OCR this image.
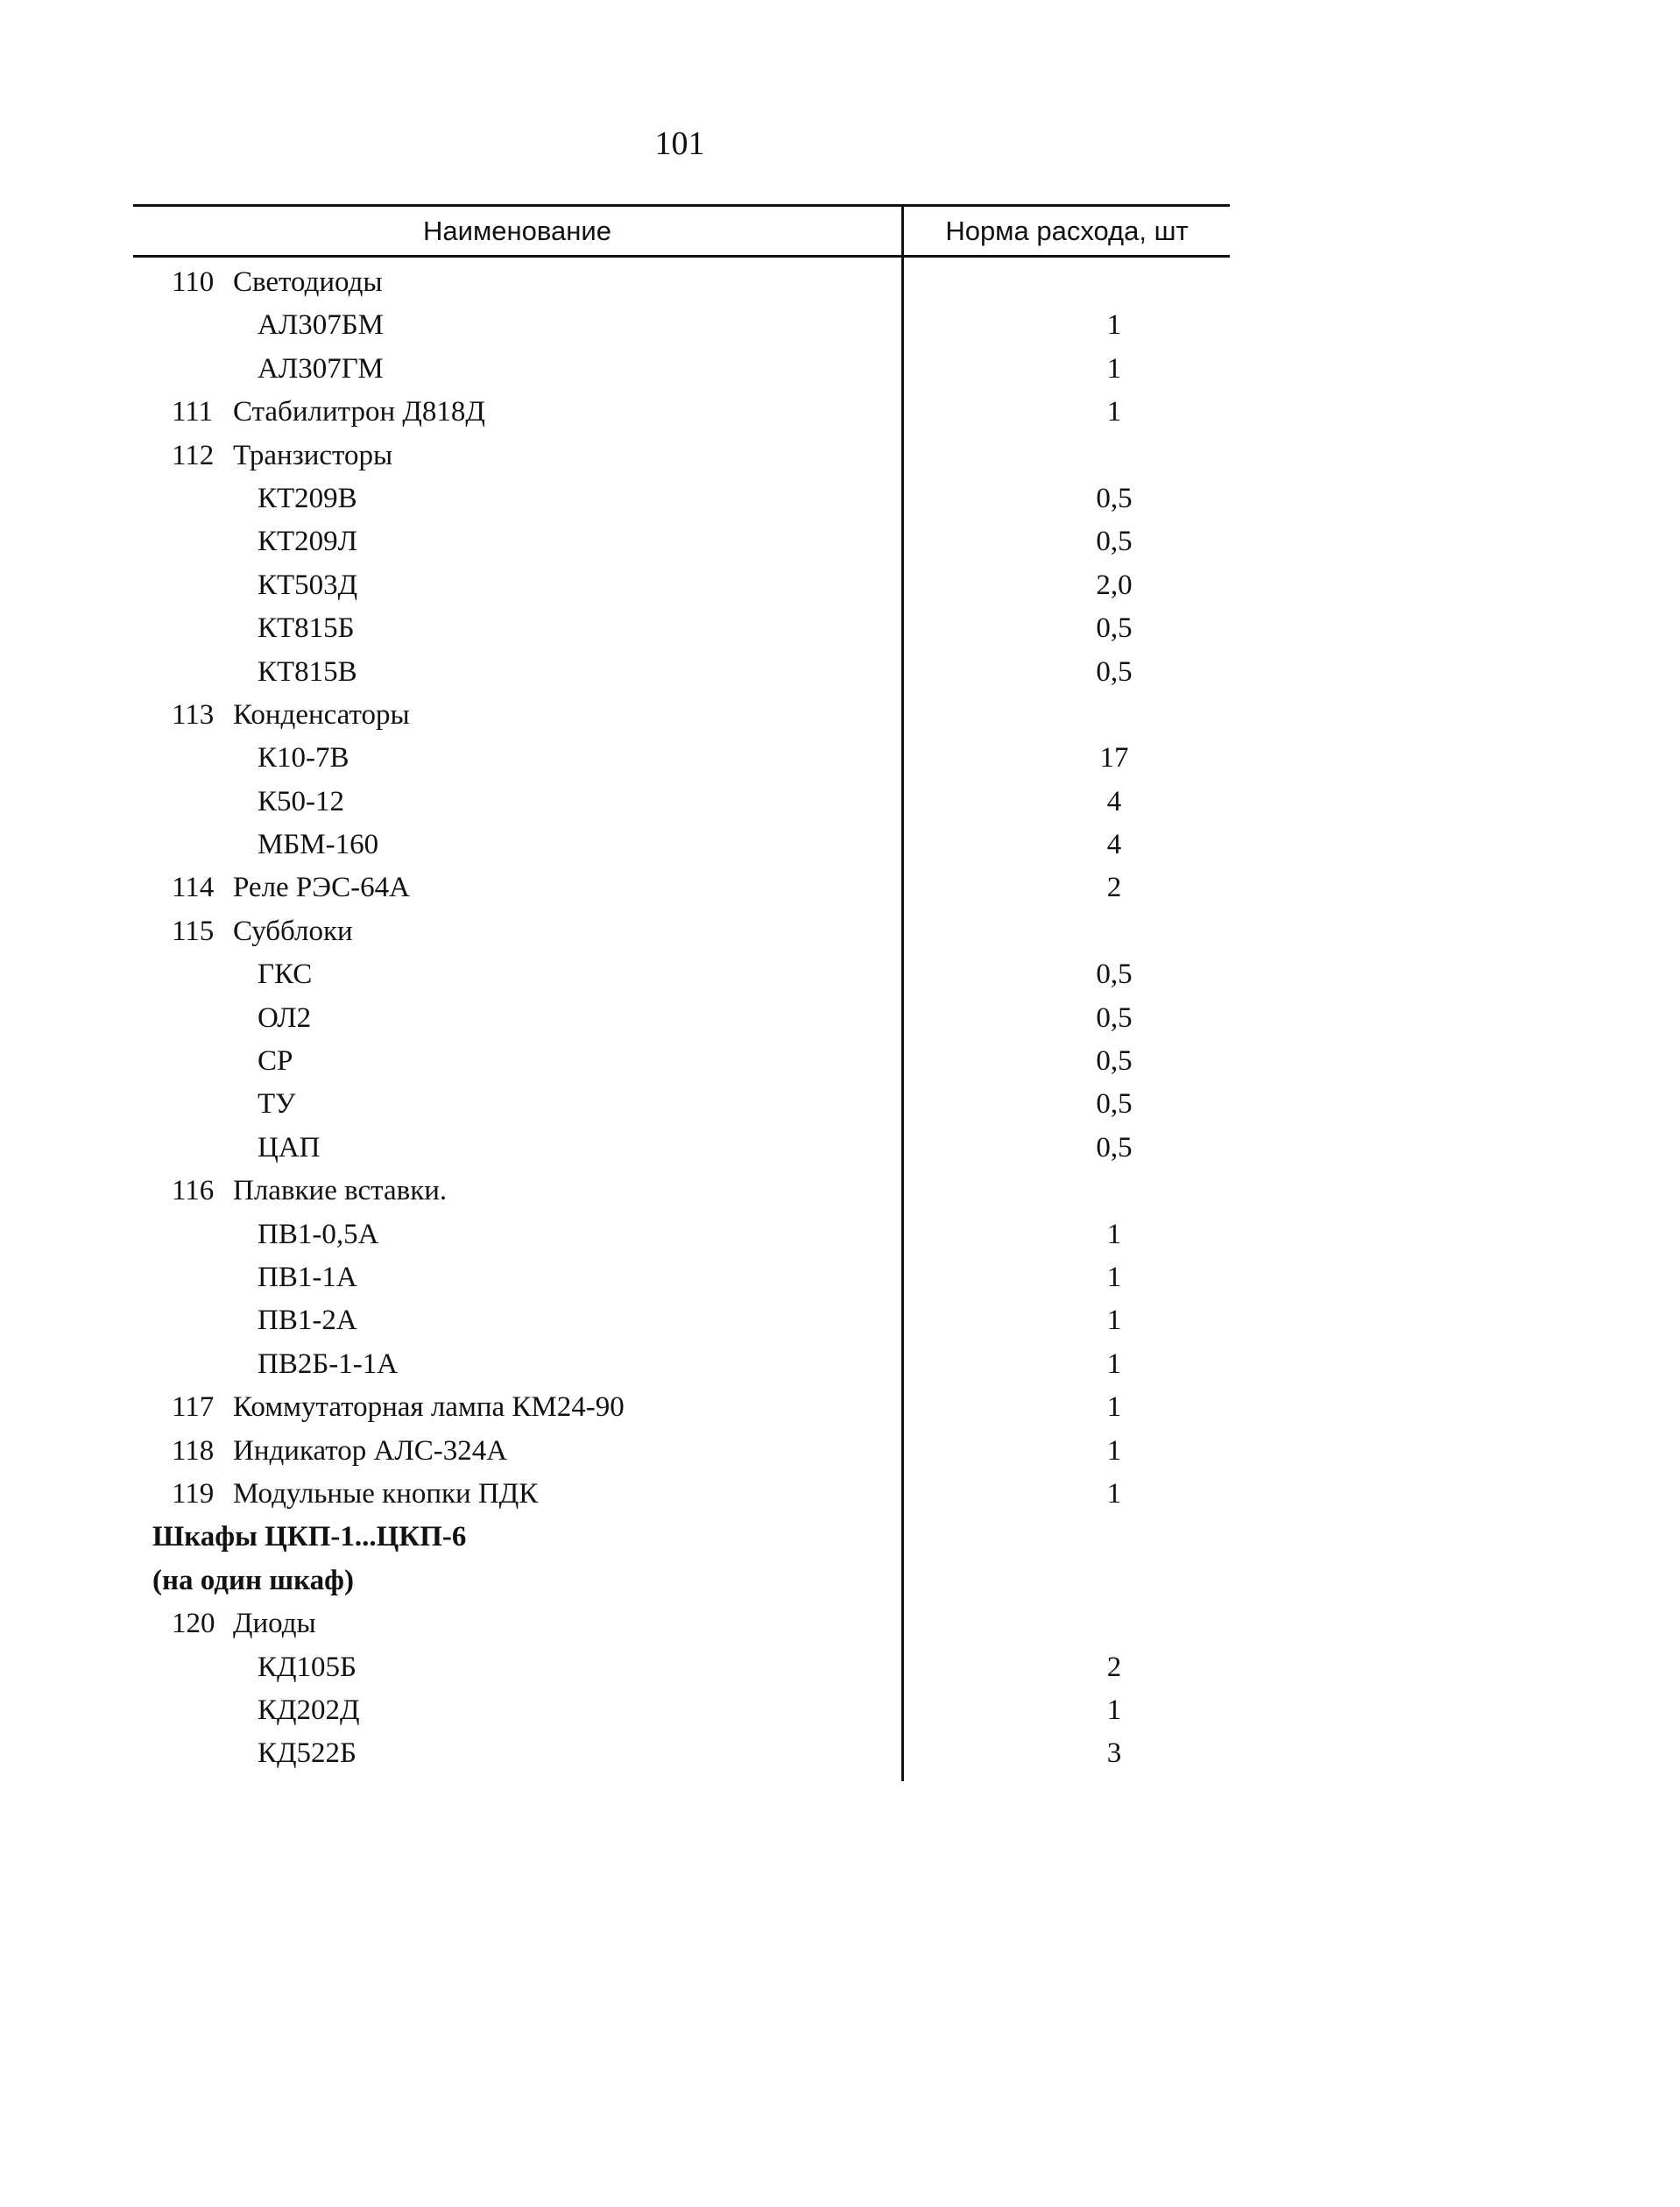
101
Наименование	Норма расхода, шт
110 Светодиоды
АЛ307БМ	1
АЛ307ГМ	1
111 Стабилитрон Д818Д	1
112 Транзисторы
КТ209В	0,5
КТ209Л	0,5
КТ503Д	2,0
КТ815Б	0,5
КТ815В	0,5
113 Конденсаторы
К10-7В	17
К50-12	4
МБМ-160	4
114 Реле РЭС-64А	2
115 Субблоки
ГКС	0,5
ОЛ2	0,5
СР	0,5
ТУ	0,5
ЦАП	0,5
116 Плавкие вставки.
ПВ1-0,5А	1
ПВ1-1А	1
ПВ1-2А	1
ПВ2Б-1-1А	1
117 Коммутаторная лампа КМ24-90	1
118 Индикатор АЛС-324А	1
119 Модульные кнопки ПДК	1
Шкафы ЦКП-1...ЦКП-6
(на один шкаф)
120 Диоды
КД105Б	2
КД202Д	1
КД522Б	3
